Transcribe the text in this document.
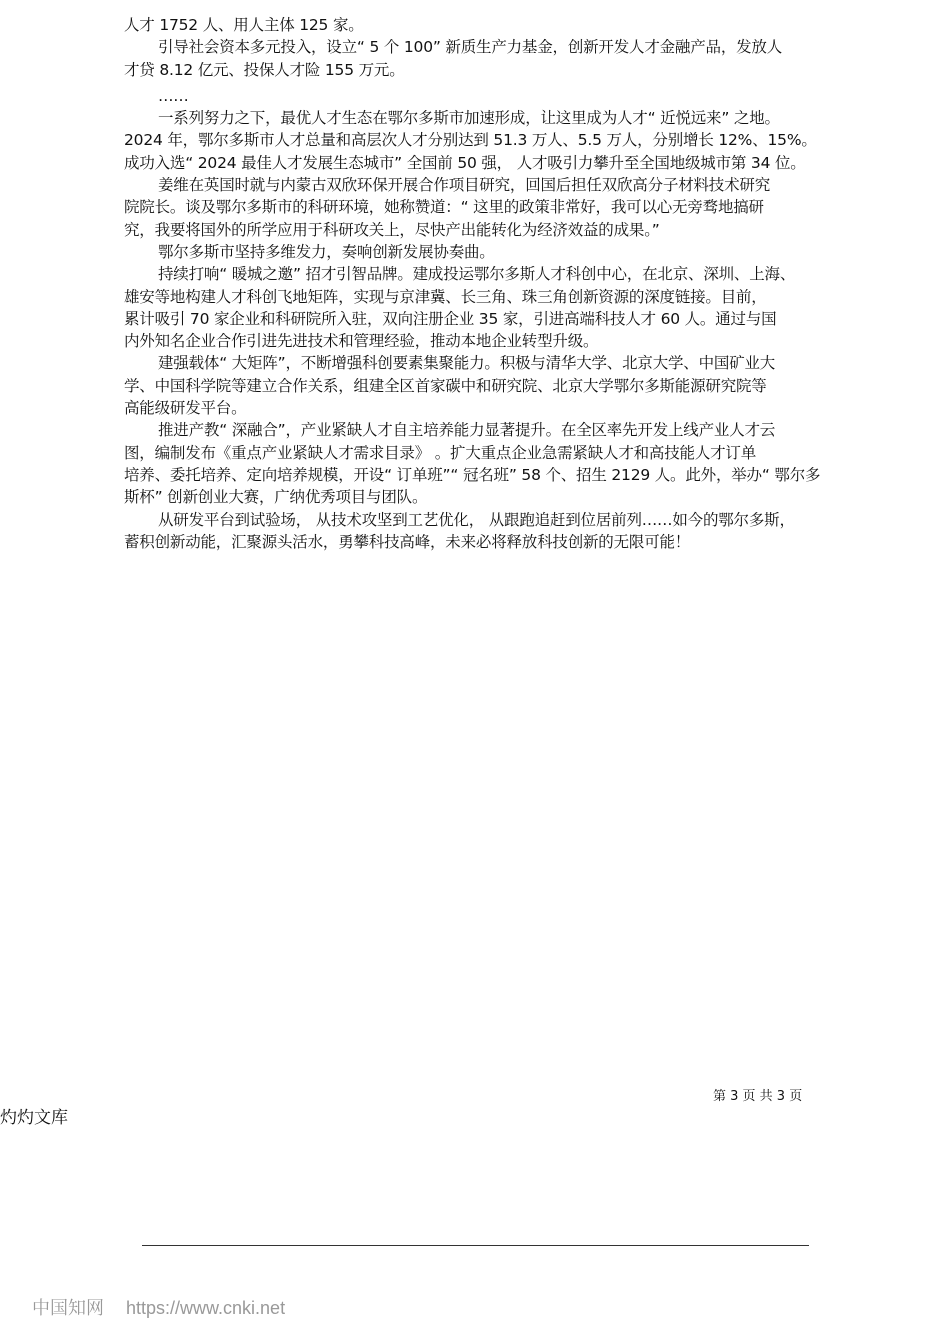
人才 1752 人、用人主体 125 家。
引导社会资本多元投入，设立“ 5 个 100” 新质生产力基金，创新开发人才金融产品，发放人
才贷 8.12 亿元、投保人才险 155 万元。
……
一系列努力之下，最优人才生态在鄂尔多斯市加速形成，让这里成为人才“ 近悦远来” 之地。
2024 年，鄂尔多斯市人才总量和高层次人才分别达到 51.3 万人、5.5 万人，分别增长 12%、15%。
成功入选“ 2024 最佳人才发展生态城市” 全国前 50 强， 人才吸引力攀升至全国地级城市第 34 位。
姜维在英国时就与内蒙古双欣环保开展合作项目研究，回国后担任双欣高分子材料技术研究
院院长。谈及鄂尔多斯市的科研环境，她称赞道：“ 这里的政策非常好，我可以心无旁骛地搞研
究，我要将国外的所学应用于科研攻关上，尽快产出能转化为经济效益的成果。”
鄂尔多斯市坚持多维发力，奏响创新发展协奏曲。
持续打响“ 暖城之邀” 招才引智品牌。建成投运鄂尔多斯人才科创中心，在北京、深圳、上海、
雄安等地构建人才科创飞地矩阵，实现与京津冀、长三角、珠三角创新资源的深度链接。目前，
累计吸引 70 家企业和科研院所入驻，双向注册企业 35 家，引进高端科技人才 60 人。通过与国
内外知名企业合作引进先进技术和管理经验，推动本地企业转型升级。
建强载体“ 大矩阵”，不断增强科创要素集聚能力。积极与清华大学、北京大学、中国矿业大
学、中国科学院等建立合作关系，组建全区首家碳中和研究院、北京大学鄂尔多斯能源研究院等
高能级研发平台。
推进产教“ 深融合”，产业紧缺人才自主培养能力显著提升。在全区率先开发上线产业人才云
图，编制发布《重点产业紧缺人才需求目录》 。扩大重点企业急需紧缺人才和高技能人才订单
培养、委托培养、定向培养规模，开设“ 订单班”“ 冠名班” 58 个、招生 2129 人。此外，举办“ 鄂尔多
斯杯” 创新创业大赛，广纳优秀项目与团队。
从研发平台到试验场， 从技术攻坚到工艺优化， 从跟跑追赶到位居前列……如今的鄂尔多斯，
蓄积创新动能，汇聚源头活水，勇攀科技高峰，未来必将释放科技创新的无限可能！
第 3 页 共 3 页
灼灼文库
中国知网 https://www.cnki.net
